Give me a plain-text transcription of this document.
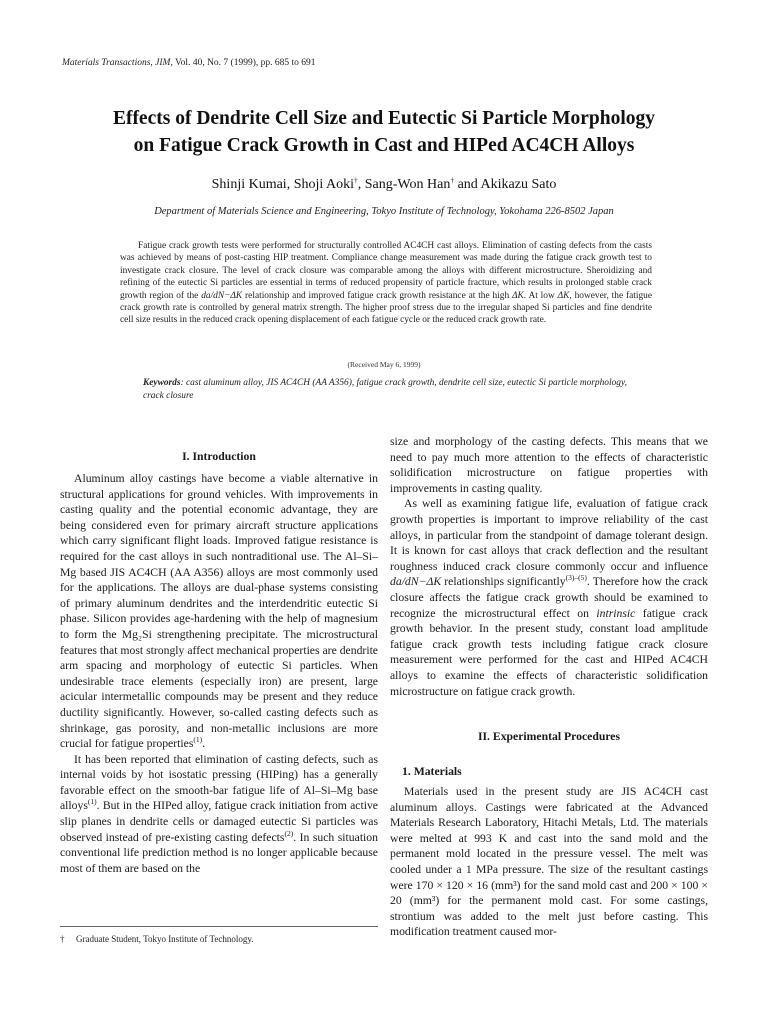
Materials Transactions, JIM, Vol. 40, No. 7 (1999), pp. 685 to 691
Effects of Dendrite Cell Size and Eutectic Si Particle Morphology
on Fatigue Crack Growth in Cast and HIPed AC4CH Alloys
Shinji Kumai, Shoji Aoki†, Sang-Won Han† and Akikazu Sato
Department of Materials Science and Engineering, Tokyo Institute of Technology, Yokohama 226-8502 Japan

Fatigue crack growth tests were performed for structurally controlled AC4CH cast alloys. Elimination of casting defects from the casts was achieved by means of post-casting HIP treatment. Compliance change measurement was made during the fatigue crack growth test to investigate crack closure. The level of crack closure was comparable among the alloys with different microstructure. Sheroidizing and refining of the eutectic Si particles are essential in terms of reduced propensity of particle fracture, which results in prolonged stable crack growth region of the da/dN−ΔK relationship and improved fatigue crack growth resistance at the high ΔK. At low ΔK, however, the fatigue crack growth rate is controlled by general matrix strength. The higher proof stress due to the irregular shaped Si particles and fine dendrite cell size results in the reduced crack opening displacement of each fatigue cycle or the reduced crack growth rate.

(Received May 6, 1999)
Keywords: cast aluminum alloy, JIS AC4CH (AA A356), fatigue crack growth, dendrite cell size, eutectic Si particle morphology, crack closure
I. Introduction

Aluminum alloy castings have become a viable alternative in structural applications for ground vehicles. With improvements in casting quality and the potential economic advantage, they are being considered even for primary aircraft structure applications which carry significant flight loads. Improved fatigue resistance is required for the cast alloys in such nontraditional use. The Al–Si–Mg based JIS AC4CH (AA A356) alloys are most commonly used for the applications. The alloys are dual-phase systems consisting of primary aluminum dendrites and the interdendritic eutectic Si phase. Silicon provides age-hardening with the help of magnesium to form the Mg₂Si strengthening precipitate. The microstructural features that most strongly affect mechanical properties are dendrite arm spacing and morphology of eutectic Si particles. When undesirable trace elements (especially iron) are present, large acicular intermetallic compounds may be present and they reduce ductility significantly. However, so-called casting defects such as shrinkage, gas porosity, and non-metallic inclusions are more crucial for fatigue properties$^{(1)}$.

It has been reported that elimination of casting defects, such as internal voids by hot isostatic pressing (HIPing) has a generally favorable effect on the smooth-bar fatigue life of Al–Si–Mg base alloys$^{(1)}$. But in the HIPed alloy, fatigue crack initiation from active slip planes in dendrite cells or damaged eutectic Si particles was observed instead of pre-existing casting defects$^{(2)}$. In such situation conventional life prediction method is no longer applicable because most of them are based on the

size and morphology of the casting defects. This means that we need to pay much more attention to the effects of characteristic solidification microstructure on fatigue properties with improvements in casting quality.

As well as examining fatigue life, evaluation of fatigue crack growth properties is important to improve reliability of the cast alloys, in particular from the standpoint of damage tolerant design. It is known for cast alloys that crack deflection and the resultant roughness induced crack closure commonly occur and influence da/dN−ΔK relationships significantly$^{(3)-(5)}$. Therefore how the crack closure affects the fatigue crack growth should be examined to recognize the microstructural effect on intrinsic fatigue crack growth behavior. In the present study, constant load amplitude fatigue crack growth tests including fatigue crack closure measurement were performed for the cast and HIPed AC4CH alloys to examine the effects of characteristic solidification microstructure on fatigue crack growth.

II. Experimental Procedures
1. Materials

Materials used in the present study are JIS AC4CH cast aluminum alloys. Castings were fabricated at the Advanced Materials Research Laboratory, Hitachi Metals, Ltd. The materials were melted at 993 K and cast into the sand mold and the permanent mold located in the pressure vessel. The melt was cooled under a 1 MPa pressure. The size of the resultant castings were 170 × 120 × 16 (mm³) for the sand mold cast and 200 × 100 × 20 (mm³) for the permanent mold cast. For some castings, strontium was added to the melt just before casting. This modification treatment caused mor-

† Graduate Student, Tokyo Institute of Technology.
